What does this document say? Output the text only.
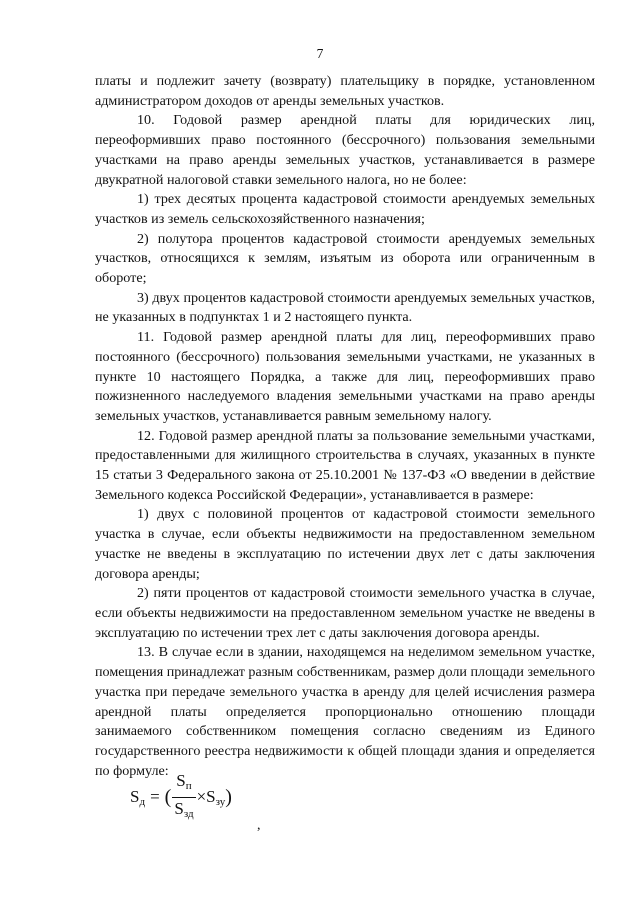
7

платы и подлежит зачету (возврату) плательщику в порядке, установленном администратором доходов от аренды земельных участков.

10. Годовой размер арендной платы для юридических лиц, переоформивших право постоянного (бессрочного) пользования земельными участками на право аренды земельных участков, устанавливается в размере двукратной налоговой ставки земельного налога, но не более:

1) трех десятых процента кадастровой стоимости арендуемых земельных участков из земель сельскохозяйственного назначения;

2) полутора процентов кадастровой стоимости арендуемых земельных участков, относящихся к землям, изъятым из оборота или ограниченным в обороте;

3) двух процентов кадастровой стоимости арендуемых земельных участков, не указанных в подпунктах 1 и 2 настоящего пункта.

11. Годовой размер арендной платы для лиц, переоформивших право постоянного (бессрочного) пользования земельными участками, не указанных в пункте 10 настоящего Порядка, а также для лиц, переоформивших право пожизненного наследуемого владения земельными участками на право аренды земельных участков, устанавливается равным земельному налогу.

12. Годовой размер арендной платы за пользование земельными участками, предоставленными для жилищного строительства в случаях, указанных в пункте 15 статьи 3 Федерального закона от 25.10.2001 № 137-ФЗ «О введении в действие Земельного кодекса Российской Федерации», устанавливается в размере:

1) двух с половиной процентов от кадастровой стоимости земельного участка в случае, если объекты недвижимости на предоставленном земельном участке не введены в эксплуатацию по истечении двух лет с даты заключения договора аренды;

2) пяти процентов от кадастровой стоимости земельного участка в случае, если объекты недвижимости на предоставленном земельном участке не введены в эксплуатацию по истечении трех лет с даты заключения договора аренды.

13. В случае если в здании, находящемся на неделимом земельном участке, помещения принадлежат разным собственникам, размер доли площади земельного участка при передаче земельного участка в аренду для целей исчисления размера арендной платы определяется пропорционально отношению площади занимаемого собственником помещения согласно сведениям из Единого государственного реестра недвижимости к общей площади здания и определяется по формуле:

$S_д$ = ( $\frac{S_п}{S_{зд}} \times S_{зу}$ )
,
